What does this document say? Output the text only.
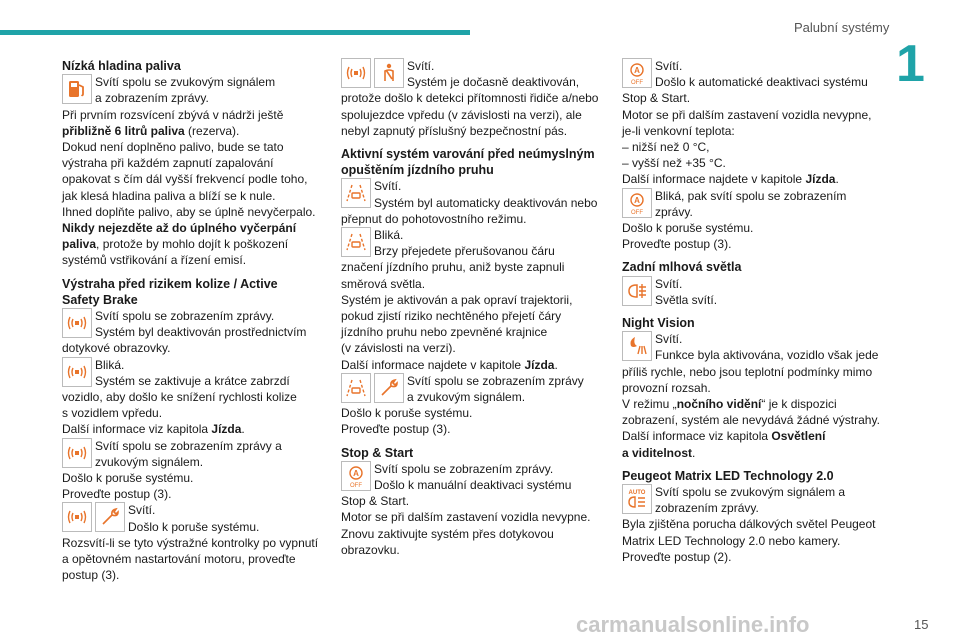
Palubní systémy
1

Nízká hladina paliva

Svítí spolu se zvukovým signálem
a zobrazením zprávy.

Při prvním rozsvícení zbývá v nádrži ještě

přibližně 6 litrů paliva (rezerva).

Dokud není doplněno palivo, bude se tato

výstraha při každém zapnutí zapalování

opakovat s čím dál vyšší frekvencí podle toho,

jak klesá hladina paliva a blíží se k nule.

Ihned doplňte palivo, aby se úplně nevyčerpalo.

Nikdy nejezděte až do úplného vyčerpání

paliva, protože by mohlo dojít k poškození

systémů vstřikování a řízení emisí.

Výstraha před rizikem kolize / Active
Safety Brake

Svítí spolu se zobrazením zprávy.
Systém byl deaktivován prostřednictvím

dotykové obrazovky.

Bliká.
Systém se zaktivuje a krátce zabrzdí

vozidlo, aby došlo ke snížení rychlosti kolize

s vozidlem vpředu.

Další informace viz kapitola Jízda.

Svítí spolu se zobrazením zprávy a
zvukovým signálem.

Došlo k poruše systému.

Proveďte postup (3).

Svítí.
Došlo k poruše systému.

Rozsvítí-li se tyto výstražné kontrolky po vypnutí

a opětovném nastartování motoru, proveďte

postup (3).

Svítí.
Systém je dočasně deaktivován,

protože došlo k detekci přítomnosti řidiče a/nebo

spolujezdce vpředu (v závislosti na verzi), ale

nebyl zapnutý příslušný bezpečnostní pás.

Aktivní systém varování před neúmyslným
opuštěním jízdního pruhu

Svítí.
Systém byl automaticky deaktivován nebo

přepnut do pohotovostního režimu.

Bliká.
Brzy přejedete přerušovanou čáru

značení jízdního pruhu, aniž byste zapnuli

směrová světla.

Systém je aktivován a pak opraví trajektorii,

pokud zjistí riziko nechtěného přejetí čáry

jízdního pruhu nebo zpevněné krajnice

(v závislosti na verzi).

Další informace najdete v kapitole Jízda.

Svítí spolu se zobrazením zprávy
a zvukovým signálem.

Došlo k poruše systému.

Proveďte postup (3).

Stop & Start

A
OFF
Svítí spolu se zobrazením zprávy.
Došlo k manuální deaktivaci systému

Stop & Start.

Motor se při dalším zastavení vozidla nevypne.

Znovu zaktivujte systém přes dotykovou

obrazovku.

A
OFF
Svítí.
Došlo k automatické deaktivaci systému

Stop & Start.

Motor se při dalším zastavení vozidla nevypne,

je-li venkovní teplota:

– nižší než 0 °C,

– vyšší než +35 °C.

Další informace najdete v kapitole Jízda.

A
OFF
Bliká, pak svítí spolu se zobrazením
zprávy.

Došlo k poruše systému.

Proveďte postup (3).

Zadní mlhová světla

Svítí.
Světla svítí.

Night Vision

Svítí.
Funkce byla aktivována, vozidlo však jede

příliš rychle, nebo jsou teplotní podmínky mimo

provozní rozsah.

V režimu „nočního vidění“ je k dispozici

zobrazení, systém ale nevydává žádné výstrahy.

Další informace viz kapitola Osvětlení

a viditelnost.

Peugeot Matrix LED Technology 2.0

AUTO Svítí spolu se zvukovým signálem a
zobrazením zprávy.

Byla zjištěna porucha dálkových světel Peugeot

Matrix LED Technology 2.0 nebo kamery.

Proveďte postup (2).

carmanualsonline.info	15
